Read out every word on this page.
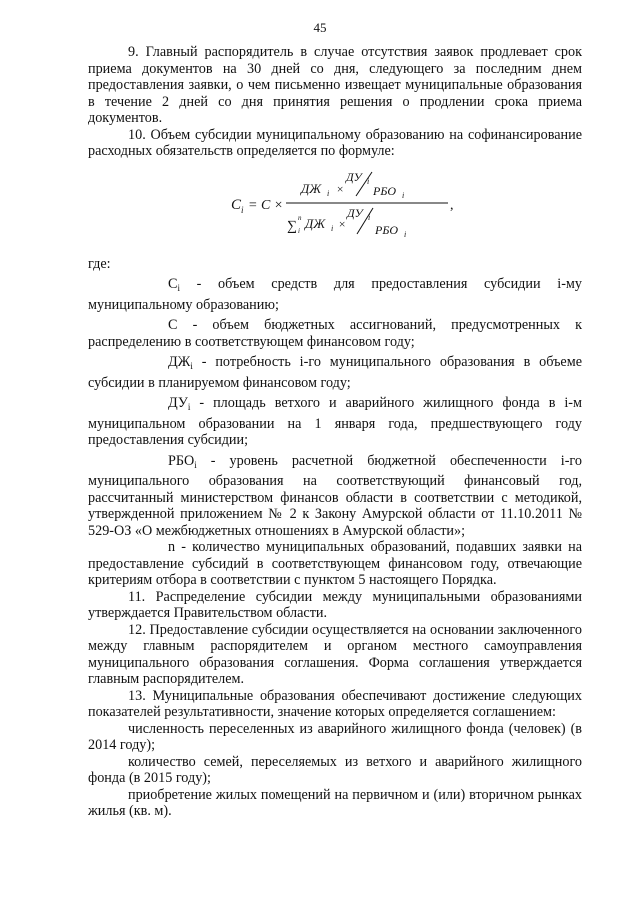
45

9. Главный распорядитель в случае отсутствия заявок продлевает срок приема документов на 30 дней со дня, следующего за последним днем предоставления заявки, о чем письменно извещает муниципальные образования в течение 2 дней со дня принятия решения о продлении срока приема документов.

10. Объем субсидии муниципальному образованию на софинансирование расходных обязательств определяется по формуле:

C i = C ×
ДЖ i ×
ДУ i
РБО i
∑
n
i ДЖ i ×
ДУ i
РБО i
,

где:

$C_i$ - объем средств для предоставления субсидии i-му муниципальному образованию;

C - объем бюджетных ассигнований, предусмотренных к распределению в соответствующем финансовом году;

$ДЖ_i$ - потребность i-го муниципального образования в объеме субсидии в планируемом финансовом году;

$ДУ_i$ - площадь ветхого и аварийного жилищного фонда в i-м муниципальном образовании на 1 января года, предшествующего году предоставления субсидии;

$РБО_i$ - уровень расчетной бюджетной обеспеченности i-го муниципального образования на соответствующий финансовый год, рассчитанный министерством финансов области в соответствии с методикой, утвержденной приложением № 2 к Закону Амурской области от 11.10.2011 № 529-ОЗ «О межбюджетных отношениях в Амурской области»;

n - количество муниципальных образований, подавших заявки на предоставление субсидий в соответствующем финансовом году, отвечающие критериям отбора в соответствии с пунктом 5 настоящего Порядка.

11. Распределение субсидии между муниципальными образованиями утверждается Правительством области.

12. Предоставление субсидии осуществляется на основании заключенного между главным распорядителем и органом местного самоуправления муниципального образования соглашения. Форма соглашения утверждается главным распорядителем.

13. Муниципальные образования обеспечивают достижение следующих показателей результативности, значение которых определяется соглашением:

численность переселенных из аварийного жилищного фонда (человек) (в 2014 году);

количество семей, переселяемых из ветхого и аварийного жилищного фонда (в 2015 году);

приобретение жилых помещений на первичном и (или) вторичном рынках жилья (кв. м).
